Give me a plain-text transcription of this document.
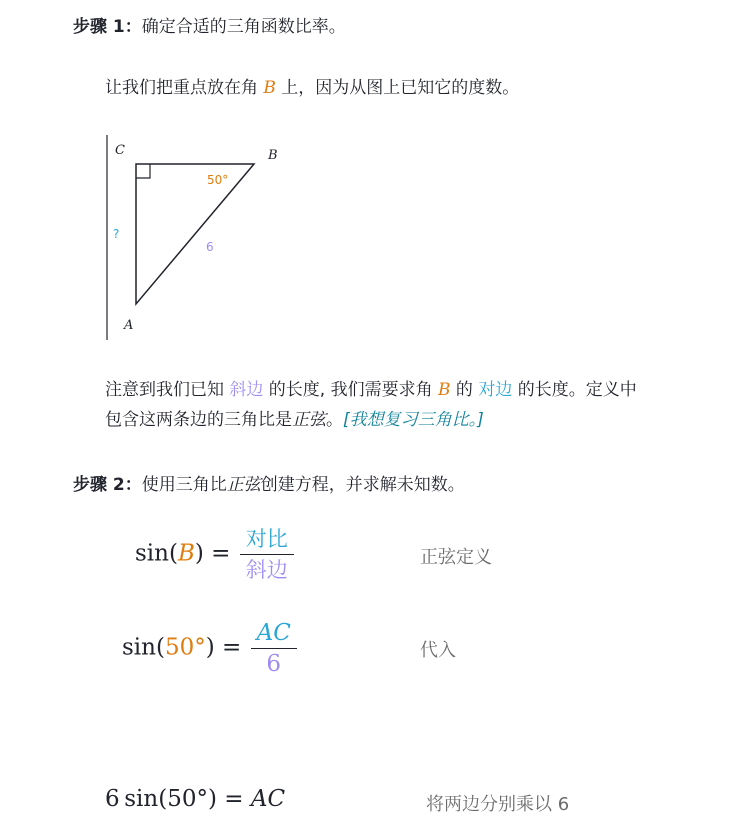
步骤 1：确定合适的三角函数比率。
让我们把重点放在角 B 上，因为从图上已知它的度数。
C	B
A
50°
?
6
注意到我们已知 斜边 的长度, 我们需要求角 B 的 对边 的长度。定义中
包含这两条边的三角比是正弦。[我想复习三角比。]
步骤 2：使用三角比正弦创建方程，并求解未知数。
$\sin(B) = \frac{\text{对比}}{\text{斜边}}$	正弦定义
$\sin(50^\circ) = \frac{AC}{6}$	代入
6  sin(50°) = AC	将两边分别乘以 6
